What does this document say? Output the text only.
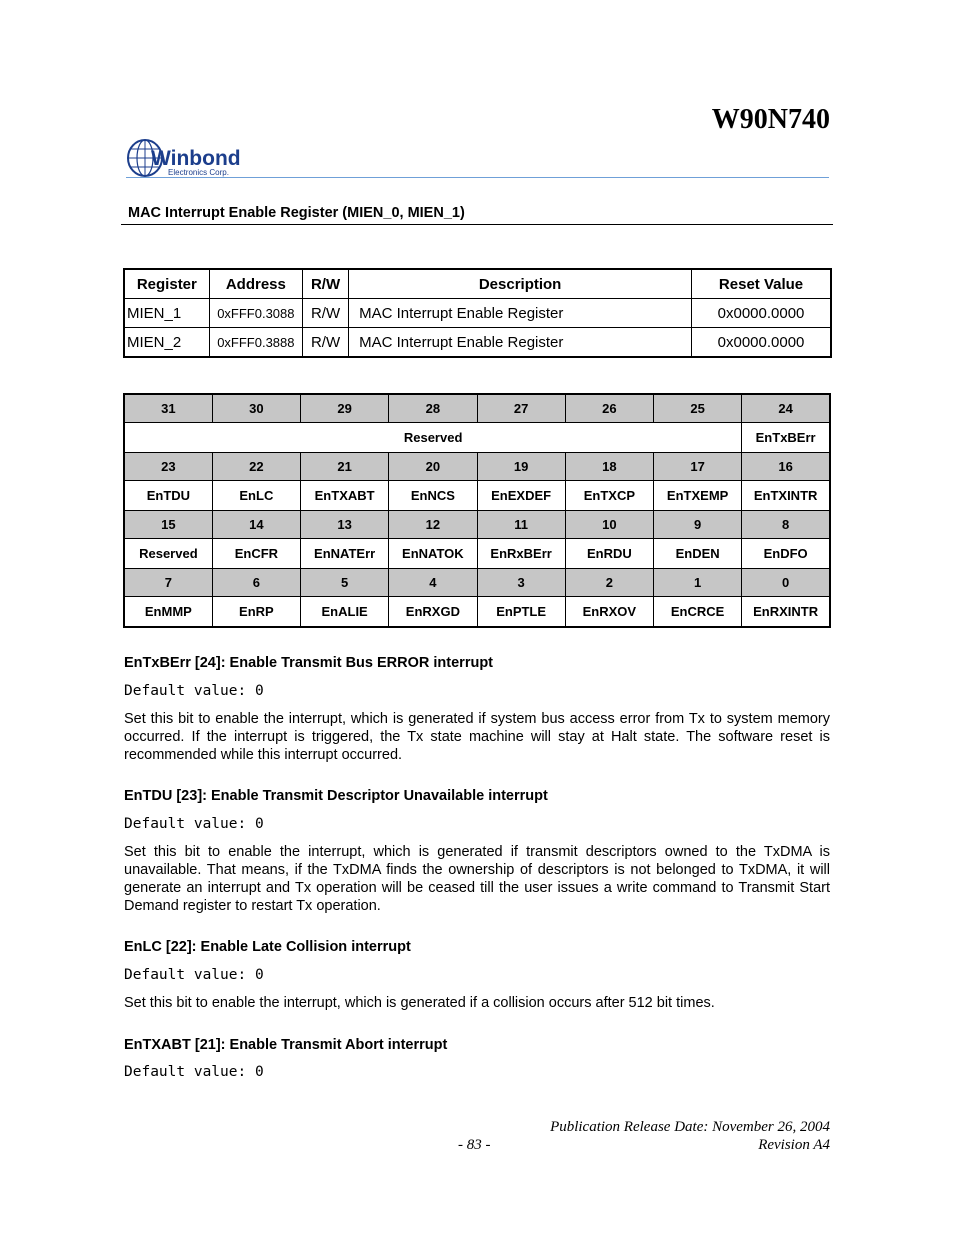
W90N740
Winbond
Electronics Corp.
MAC Interrupt Enable Register (MIEN_0, MIEN_1)
Register	Address	R/W	Description	Reset Value
MIEN_1	0xFFF0.3088	R/W	MAC Interrupt Enable Register	0x0000.0000
MIEN_2	0xFFF0.3888	R/W	MAC Interrupt Enable Register	0x0000.0000
31	30	29	28	27	26	25	24
Reserved							EnTxBErr
23	22	21	20	19	18	17	16
EnTDU	EnLC	EnTXABT	EnNCS	EnEXDEF	EnTXCP	EnTXEMP	EnTXINTR
15	14	13	12	11	10	9	8
Reserved	EnCFR	EnNATErr	EnNATOK	EnRxBErr	EnRDU	EnDEN	EnDFO
7	6	5	4	3	2	1	0
EnMMP	EnRP	EnALIE	EnRXGD	EnPTLE	EnRXOV	EnCRCE	EnRXINTR
EnTxBErr [24]: Enable Transmit Bus ERROR interrupt
Default value: 0
Set this bit to enable the interrupt, which is generated if system bus access error from Tx to system memory occurred. If the interrupt is triggered, the Tx state machine will stay at Halt state. The software reset is recommended while this interrupt occurred.
EnTDU [23]: Enable Transmit Descriptor Unavailable interrupt
Default value: 0
Set this bit to enable the interrupt, which is generated if transmit descriptors owned to the TxDMA is unavailable. That means, if the TxDMA finds the ownership of descriptors is not belonged to TxDMA, it will generate an interrupt and Tx operation will be ceased till the user issues a write command to Transmit Start Demand register to restart Tx operation.
EnLC [22]: Enable Late Collision interrupt
Default value: 0
Set this bit to enable the interrupt, which is generated if a collision occurs after 512 bit times.
EnTXABT [21]: Enable Transmit Abort interrupt
Default value: 0
Publication Release Date: November 26, 2004
- 83 -	Revision A4
